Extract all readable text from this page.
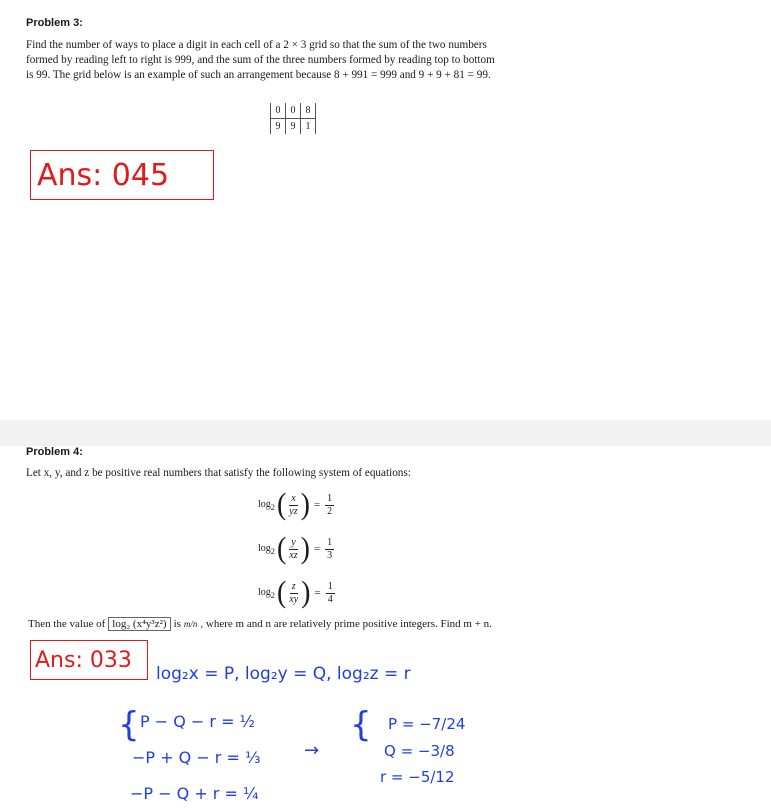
Problem 3:
Find the number of ways to place a digit in each cell of a 2 × 3 grid so that the sum of the two numbers
formed by reading left to right is 999, and the sum of the three numbers formed by reading top to bottom
is 99. The grid below is an example of such an arrangement because 8 + 991 = 999 and 9 + 9 + 81 = 99.
0	0	8
9	9	1
Ans: 045
Problem 4:
Let x, y, and z be positive real numbers that satisfy the following system of equations:
$\log_2$ ( $\frac{x}{yz}$ ) = $\frac{1}{2}$
$\log_2$ ( $\frac{y}{xz}$ ) = $\frac{1}{3}$
$\log_2$ ( $\frac{z}{xy}$ ) = $\frac{1}{4}$
Then the value of log₂ (x⁴y³z²) is m/n , where m and n are relatively prime positive integers. Find m + n.
Ans: 033
log₂x = P, log₂y = Q, log₂z = r
{ P − Q − r = ½
−P + Q − r = ⅓
−P − Q + r = ¼
→
{ P = −7/24
Q = −3/8
r = −5/12
